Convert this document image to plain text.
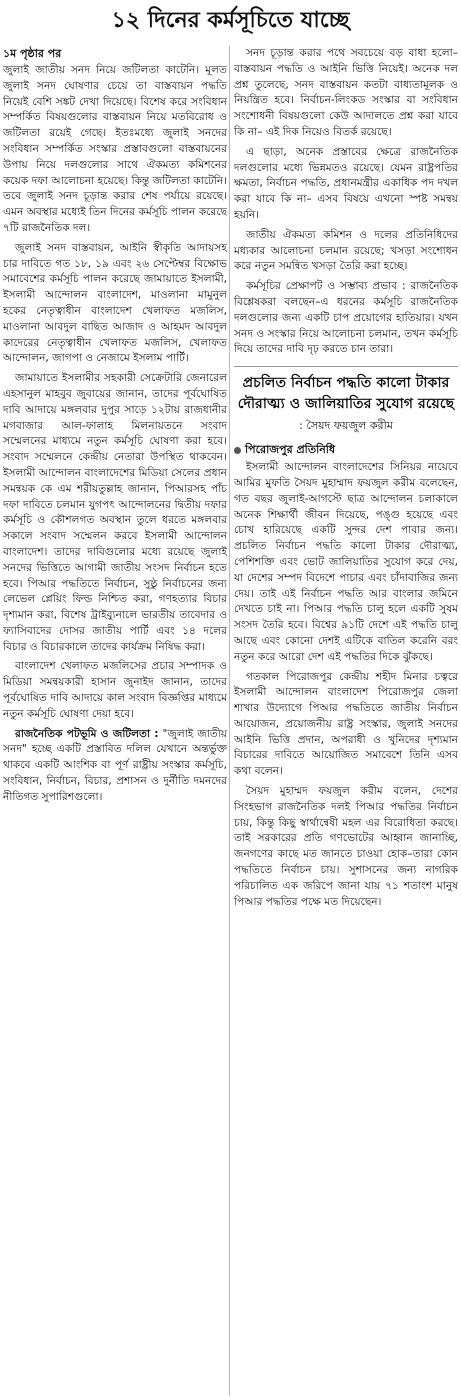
১২ দিনের কর্মসূচিতে যাচ্ছে
১ম পৃষ্ঠার পর

জুলাই জাতীয় সনদ নিয়ে জটিলতা কাটেনি। মূলত জুলাই সনদ ঘোষণার চেয়ে তা বাস্তবায়ন পদ্ধতি নিয়েই বেশি সঙ্কট দেখা দিয়েছে। বিশেষ করে সংবিধান সম্পর্কিত বিষয়গুলোর বাস্তবায়ন নিয়ে মতবিরোধ ও জটিলতা রয়েই গেছে। ইতঃমধ্যে জুলাই সনদের সংবিধান সম্পর্কিত সংস্কার প্রস্তাবগুলো বাস্তবায়নের উপায় নিয়ে দলগুলোর সাথে ঐকমত্য কমিশনের কয়েক দফা আলোচনা হয়েছে। কিন্তু জটিলতা কাটেনি। তবে জুলাই সনদ চূড়ান্ত করার শেষ পর্যায়ে রয়েছে। এমন অবস্থার মধ্যেই তিন দিনের কর্মসূচি পালন করেছে ৭টি রাজনৈতিক দল।

জুলাই সনদ বাস্তবায়ন, আইনি স্বীকৃতি আদায়সহ চার দাবিতে গত ১৮, ১৯ এবং ২৬ সেপ্টেম্বর বিক্ষোভ সমাবেশের কর্মসূচি পালন করেছে জামায়াতে ইসলামী, ইসলামী আন্দোলন বাংলাদেশ, মাওলানা মামুনুল হকের নেতৃত্বাধীন বাংলাদেশ খেলাফত মজলিস, মাওলানা আবদুল বাছিত আজাদ ও আহমদ আবদুল কাদেরের নেতৃত্বাধীন খেলাফত মজলিস, খেলাফত আন্দোলন, জাগপা ও নেজামে ইসলাম পার্টি।

জামায়াতে ইসলামীর সহকারী সেক্রেটারি জেনারেল এহসানুল মাহবুব জুবায়ের জানান, তাদের পূর্বঘোষিত দাবি আদায়ে মঙ্গলবার দুপুর সাড়ে ১২টায় রাজধানীর মগবাজার আল-ফালাহ মিলনায়তনে সংবাদ সম্মেলনের মাধ্যমে নতুন কর্মসূচি ঘোষণা করা হবে। সংবাদ সম্মেলনে কেন্দ্রীয় নেতারা উপস্থিত থাকবেন। ইসলামী আন্দোলন বাংলাদেশের মিডিয়া সেলের প্রধান সমন্বয়ক কে এম শরীয়তুল্লাহ জানান, পিআরসহ পাঁচ দফা দাবিতে চলমান যুগপৎ আন্দোলনের দ্বিতীয় দফার কর্মসূচি ও কৌশলগত অবস্থান তুলে ধরতে মঙ্গলবার সকালে সংবাদ সম্মেলন করবে ইসলামী আন্দোলন বাংলাদেশ। তাদের দাবিগুলোর মধ্যে রয়েছে জুলাই সনদের ভিত্তিতে আগামী জাতীয় সংসদ নির্বাচন হতে হবে। পিআর পদ্ধতিতে নির্বাচন, সুষ্ঠু নির্বাচনের জন্য লেভেল প্লেয়িং ফিল্ড নিশ্চিত করা, গণহত্যার বিচার দৃশ্যমান করা, বিশেষ ট্রাইব্যুনালে ভারতীয় তাবেদার ও ফ্যাসিবাদের দোসর জাতীয় পার্টি এবং ১৪ দলের বিচার ও বিচারকালে তাদের কার্যক্রম নিষিদ্ধ করা।

বাংলাদেশ খেলাফত মজলিসের প্রচার সম্পাদক ও মিডিয়া সমন্বয়কারী হাসান জুনাইদ জানান, তাদের পূর্বঘোষিত দাবি আদায়ে কাল সংবাদ বিজ্ঞপ্তির মাধ্যমে নতুন কর্মসূচি ঘোষণা দেয়া হবে।

রাজনৈতিক পটভূমি ও জটিলতা : "জুলাই জাতীয় সনদ" হচ্ছে একটি প্রস্তাবিত দলিল যেখানে অন্তর্ভুক্ত থাকবে একটি আংশিক বা পূর্ণ রাষ্ট্রীয় সংস্কার কর্মসূচি, সংবিধান, নির্বাচন, বিচার, প্রশাসন ও দুর্নীতি দমনদের নীতিগত সুপারিশগুলো।

সনদ চূড়ান্ত করার পথে সবচেয়ে বড় বাধা হলো– বাস্তবায়ন পদ্ধতি ও আইনি ভিত্তি নিয়েই। অনেক দল প্রশ্ন তুলেছে, সনদ বাস্তবায়ন কতটা বাধ্যতামূলক ও নিয়ন্ত্রিত হবে। নির্বাচন-লিংকড সংস্কার বা সংবিধান সংশোধনী বিষয়গুলো কেউ আদালতে প্রশ্ন করা যাবে কি না– এই দিক নিয়েও বিতর্ক রয়েছে।

এ ছাড়া, অনেক প্রস্তাবের ক্ষেত্রে রাজনৈতিক দলগুলোর মধ্যে ভিন্নমতও রয়েছে। যেমন রাষ্ট্রপতির ক্ষমতা, নির্বাচন পদ্ধতি, প্রধানমন্ত্রীর একাধিক পদ দখল করা যাবে কি না– এসব বিষয়ে এখনো স্পষ্ট সমন্বয় হয়নি।

জাতীয় ঐকমত্য কমিশন ও দলের প্রতিনিধিদের মধ্যকার আলোচনা চলমান রয়েছে; খসড়া সংশোধন করে নতুন সমন্বিত খসড়া তৈরি করা হচ্ছে।

কর্মসূচির প্রেক্ষাপট ও সম্ভাব্য প্রভাব : রাজনৈতিক বিশ্লেষকরা বলছেন–এ ধরনের কর্মসূচি রাজনৈতিক দলগুলোর জন্য একটি চাপ প্রয়োগের হাতিয়ার। যখন সনদ ও সংস্কার নিয়ে আলোচনা চলমান, তখন কর্মসূচি দিয়ে তাদের দাবি দৃঢ় করতে চান তারা।

প্রচলিত নির্বাচন পদ্ধতি কালো টাকার দৌরাত্ম্য ও জালিয়াতির সুযোগ রয়েছে : সৈয়দ ফয়জুল করীম
পিরোজপুর প্রতিনিধি

ইসলামী আন্দোলন বাংলাদেশের সিনিয়র নায়েবে আমির মুফতি সৈয়দ মুহাম্মাদ ফয়জুল করীম বলেছেন, গত বছর জুলাই-আগস্টে ছাত্র আন্দোলন চলাকালে অনেক শিক্ষার্থী জীবন দিয়েছে, পঙ্গু হয়েছে এবং চোখ হারিয়েছে একটি সুন্দর দেশ পাবার জন্য। প্রচলিত নির্বাচন পদ্ধতি কালো টাকার দৌরাত্ম্য, পেশিশক্তি এবং ভোট জালিয়াতির সুযোগ করে দেয়, যা দেশের সম্পদ বিদেশে পাচার এবং চাঁদাবাজির জন্য দেয়। তাই এই নির্বাচন পদ্ধতি আর বাংলার জমিনে দেখতে চাই না। পিআর পদ্ধতি চালু হলে একটি সুষম সংসদ তৈরি হবে। বিশ্বের ৯১টি দেশে এই পদ্ধতি চালু আছে এবং কোনো দেশই এটিকে বাতিল করেনি বরং নতুন করে আরো দেশ এই পদ্ধতির দিকে ঝুঁকছে।

গতকাল পিরোজপুর কেন্দ্রীয় শহীদ মিনার চত্বরে ইসলামী আন্দোলন বাংলাদেশ পিরোজপুর জেলা শাখার উদ্যোগে পিআর পদ্ধতিতে জাতীয় নির্বাচন আয়োজন, প্রয়োজনীয় রাষ্ট্র সংস্কার, জুলাই সনদের আইনি ভিত্তি প্রদান, অপরাধী ও খুনিদের দৃশ্যমান বিচারের দাবিতে আয়োজিত সমাবেশে তিনি এসব কথা বলেন।

সৈয়দ মুহাম্মদ ফয়জুল করীম বলেন, দেশের সিংহভাগ রাজনৈতিক দলই পিআর পদ্ধতির নির্বাচন চায়, কিন্তু কিছু স্বার্থান্বেষী মহল এর বিরোধিতা করছে। তাই সরকারের প্রতি গণভোটের আহ্বান জানাচ্ছি, জনগণের কাছে মত জানতে চাওয়া হোক–তারা কোন পদ্ধতিতে নির্বাচন চায়। সুশাসনের জন্য নাগরিক পরিচালিত এক জরিপে জানা যায় ৭১ শতাংশ মানুষ পিআর পদ্ধতির পক্ষে মত দিয়েছেন।
